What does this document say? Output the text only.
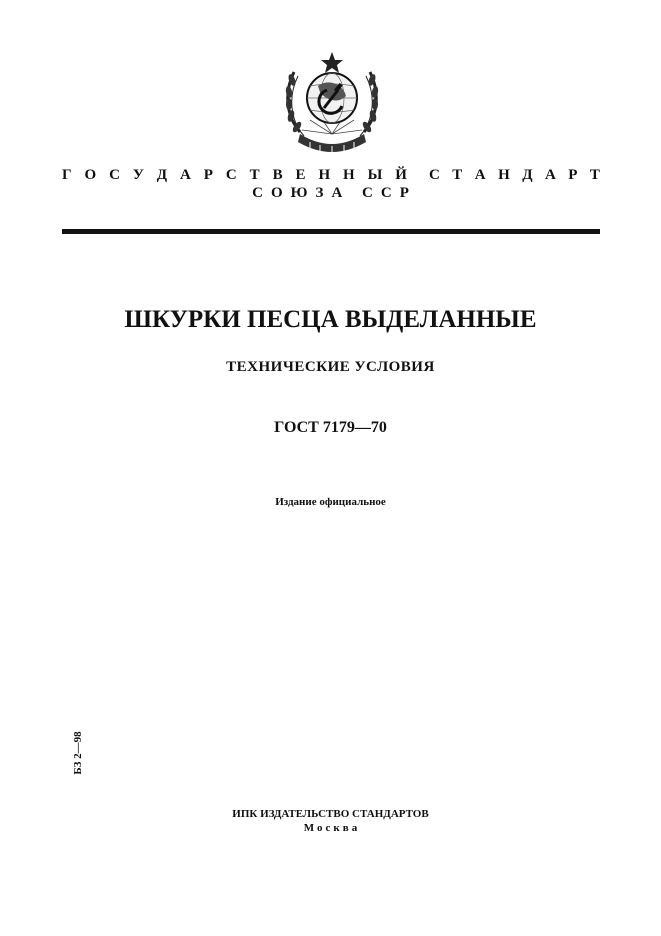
Г О С У Д А Р С Т В Е Н Н Ы Й С Т А Н Д А Р Т
СОЮЗА ССР
ШКУРКИ ПЕСЦА ВЫДЕЛАННЫЕ
ТЕХНИЧЕСКИЕ УСЛОВИЯ
ГОСТ 7179—70
Издание официальное
БЗ 2—98
ИПК ИЗДАТЕЛЬСТВО СТАНДАРТОВ
Москва
